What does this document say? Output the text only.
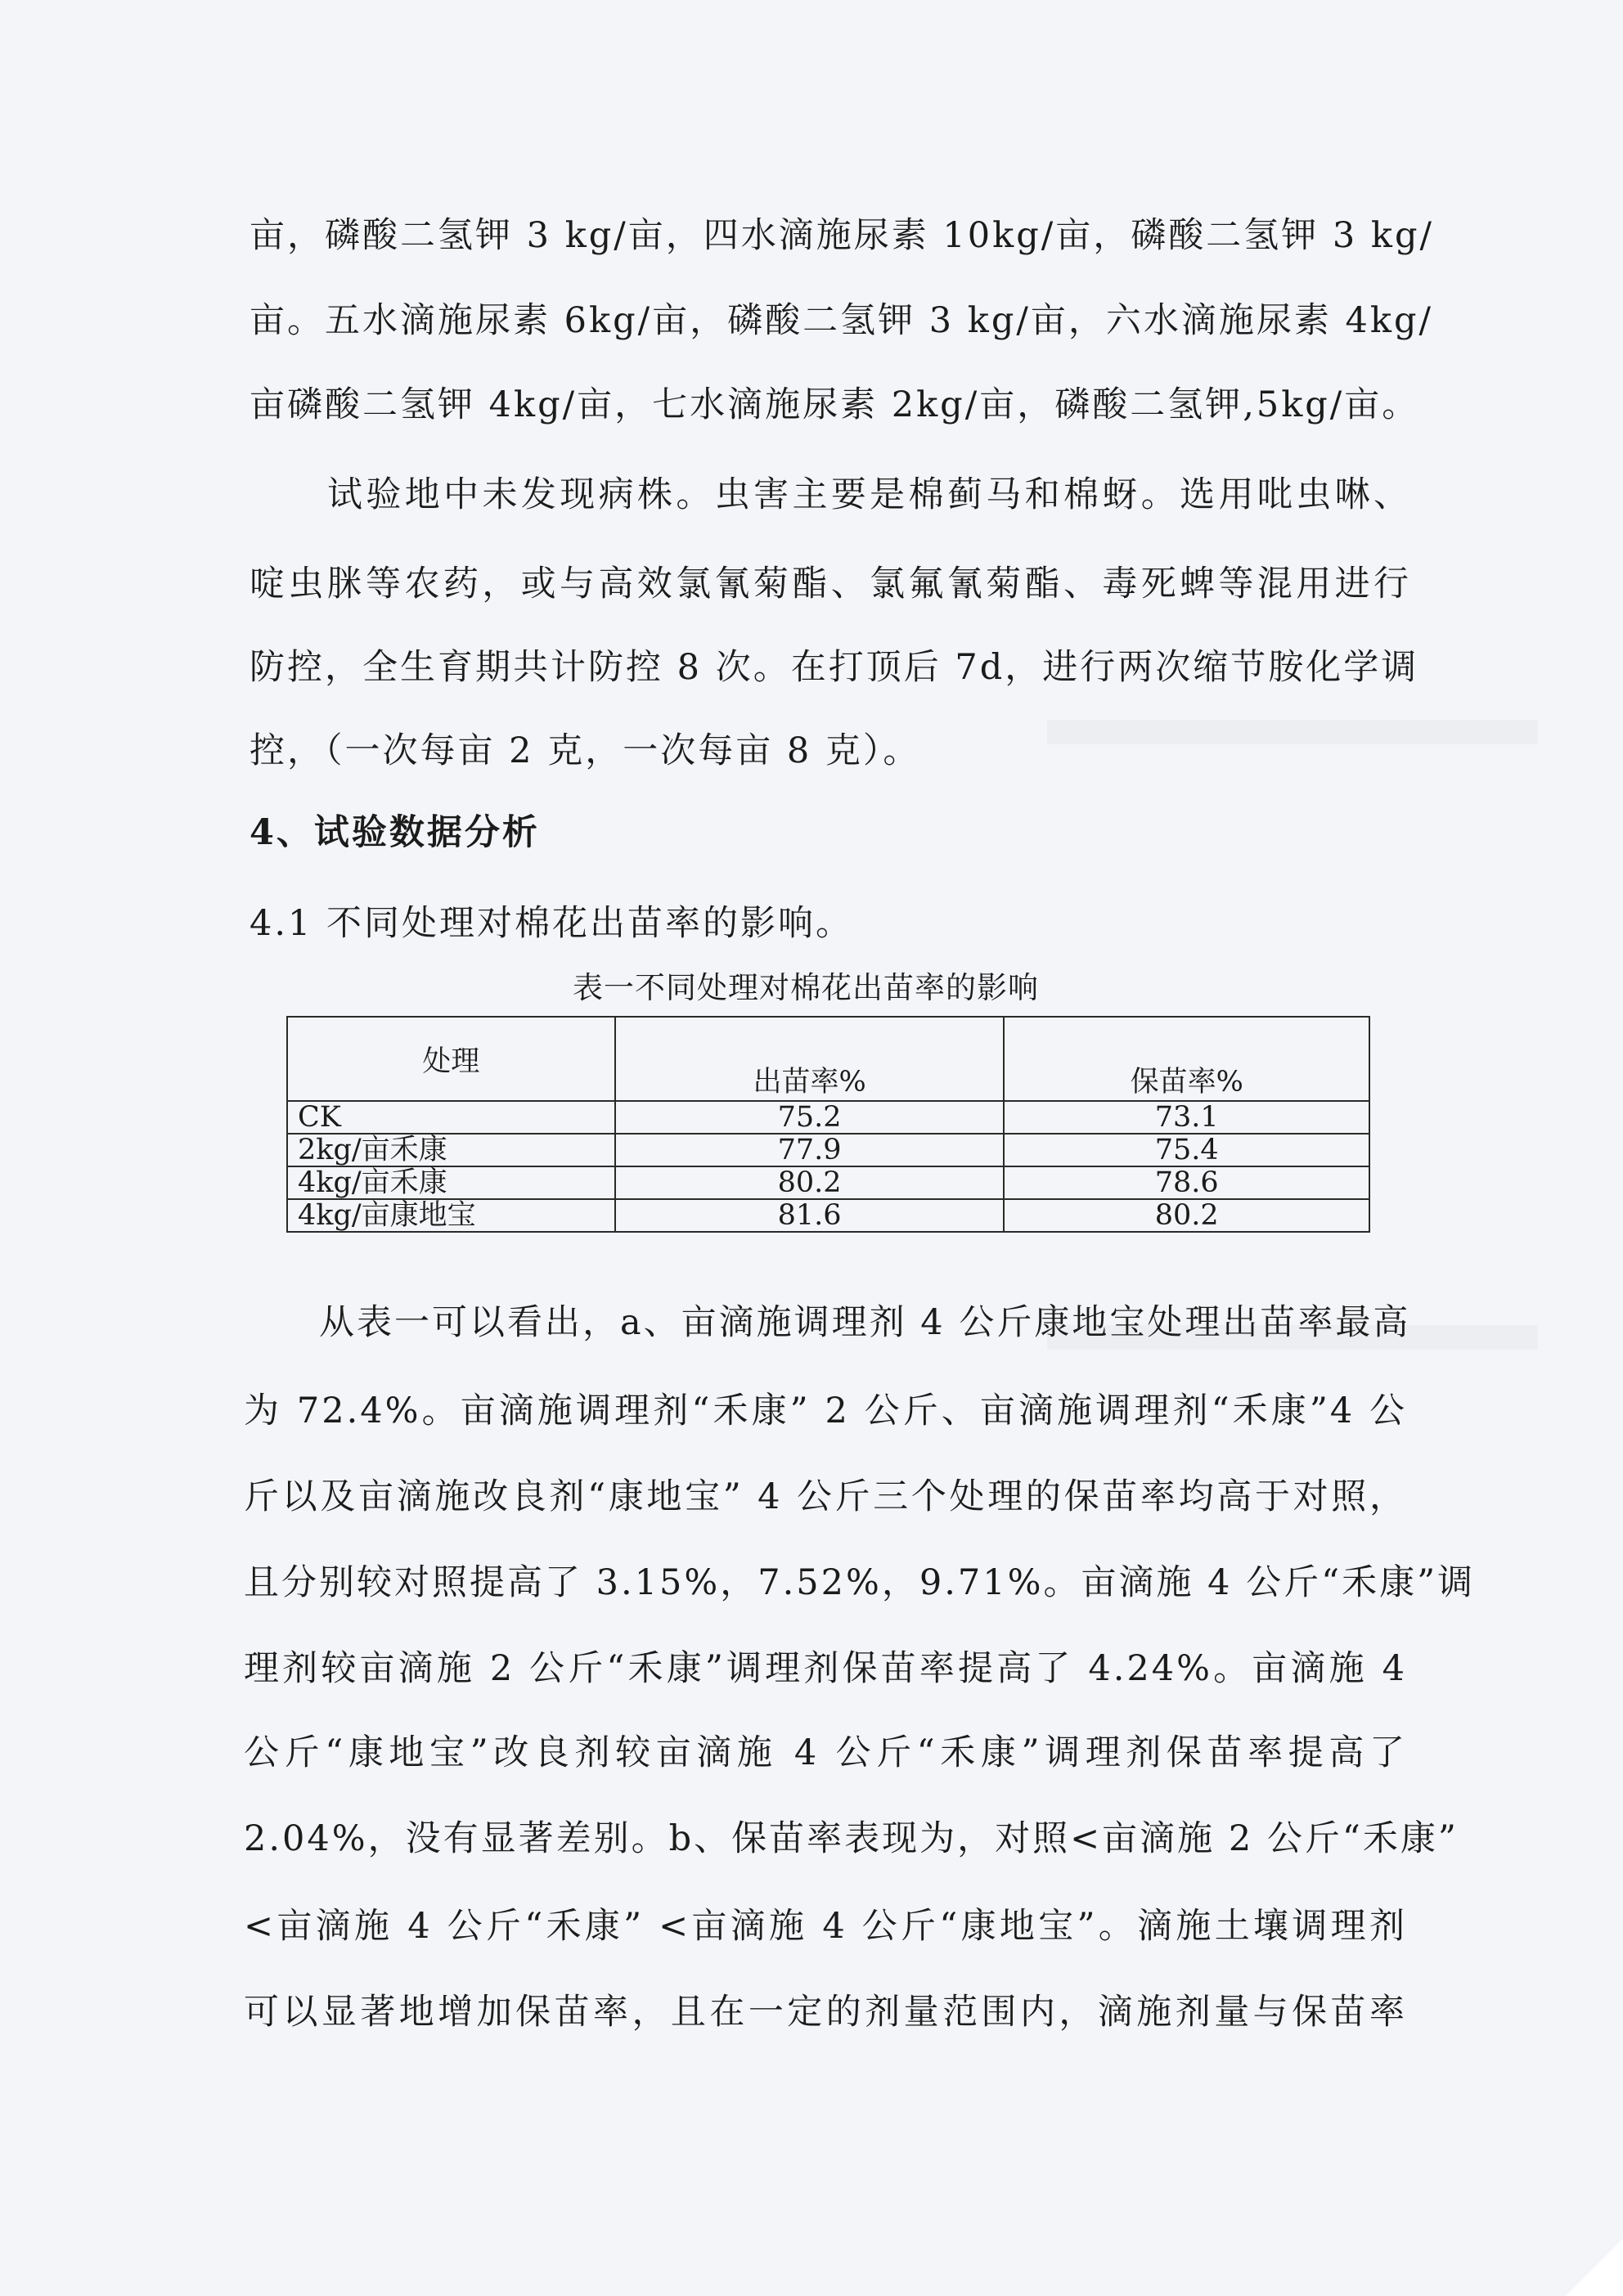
亩，磷酸二氢钾 3 kg/亩，四水滴施尿素 10kg/亩，磷酸二氢钾 3 kg/
亩。五水滴施尿素 6kg/亩，磷酸二氢钾 3 kg/亩，六水滴施尿素 4kg/
亩磷酸二氢钾 4kg/亩，七水滴施尿素 2kg/亩，磷酸二氢钾,5kg/亩。
试验地中未发现病株。虫害主要是棉蓟马和棉蚜。选用吡虫啉、
啶虫脒等农药，或与高效氯氰菊酯、氯氟氰菊酯、毒死蜱等混用进行
防控，全生育期共计防控 8 次。在打顶后 7d，进行两次缩节胺化学调
控，（一次每亩 2 克，一次每亩 8 克）。
4、试验数据分析
4.1 不同处理对棉花出苗率的影响。
表一不同处理对棉花出苗率的影响
处理	出苗率%	保苗率%
CK	75.2	73.1
2kg/亩禾康	77.9	75.4
4kg/亩禾康	80.2	78.6
4kg/亩康地宝	81.6	80.2
从表一可以看出，a、亩滴施调理剂 4 公斤康地宝处理出苗率最高
为 72.4%。亩滴施调理剂“禾康” 2 公斤、亩滴施调理剂“禾康”4 公
斤以及亩滴施改良剂“康地宝” 4 公斤三个处理的保苗率均高于对照，
且分别较对照提高了 3.15%，7.52%，9.71%。亩滴施 4 公斤“禾康”调
理剂较亩滴施 2 公斤“禾康”调理剂保苗率提高了 4.24%。亩滴施 4
公斤“康地宝”改良剂较亩滴施 4 公斤“禾康”调理剂保苗率提高了
2.04%，没有显著差别。b、保苗率表现为，对照<亩滴施 2 公斤“禾康”
<亩滴施 4 公斤“禾康” <亩滴施 4 公斤“康地宝”。滴施土壤调理剂
可以显著地增加保苗率，且在一定的剂量范围内，滴施剂量与保苗率
